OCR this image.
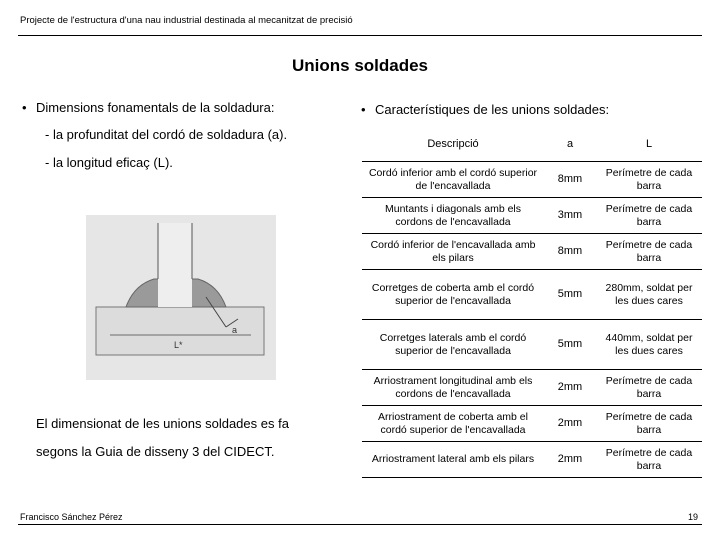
Projecte de l'estructura d'una nau industrial destinada al mecanitzat de precisió
Unions soldades
• Dimensions fonamentals de la soldadura:
- la profunditat del cordó de soldadura (a).
- la longitud eficaç (L).
a
L*
El dimensionat de les unions soldades es fa
segons la Guia de disseny 3 del CIDECT.
• Característiques de les unions soldades:
Descripció	a	L
Cordó inferior amb el cordó superior de l'encavallada	8mm	Perímetre de cada barra
Muntants i diagonals amb els cordons de l'encavallada	3mm	Perímetre de cada barra
Cordó inferior de l'encavallada amb els pilars	8mm	Perímetre de cada barra
Corretges de coberta amb el cordó superior de l'encavallada	5mm	280mm, soldat per les dues cares
Corretges laterals amb el cordó superior de l'encavallada	5mm	440mm, soldat per les dues cares
Arriostrament longitudinal amb els cordons de l'encavallada	2mm	Perímetre de cada barra
Arriostrament de coberta amb el cordó superior de l'encavallada	2mm	Perímetre de cada barra
Arriostrament lateral amb els pilars	2mm	Perímetre de cada barra
Francisco Sánchez Pérez	19
